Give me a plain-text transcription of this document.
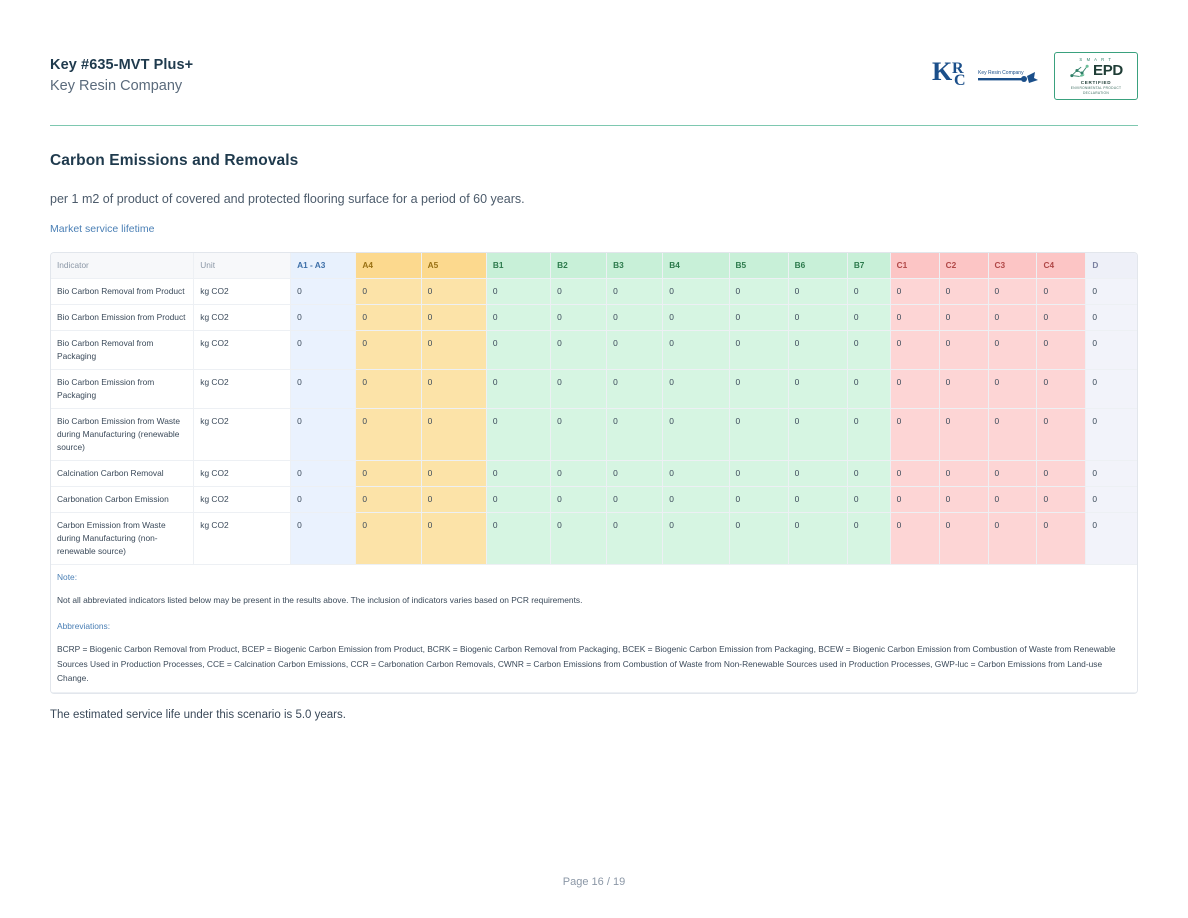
Key #635-MVT Plus+
Key Resin Company	K R
C Key Resin Company
S M A R T
EPD
CERTIFIED
ENVIRONMENTAL PRODUCT
DECLARATION
Carbon Emissions and Removals
per 1 m2 of product of covered and protected flooring surface for a period of 60 years.
Market service lifetime
Indicator	Unit	A1 - A3	A4	A5	B1	B2	B3	B4	B5	B6	B7	C1	C2	C3	C4	D
Bio Carbon Removal from Product	kg CO2	0	0	0	0	0	0	0	0	0	0	0	0	0	0	0
Bio Carbon Emission from Product	kg CO2	0	0	0	0	0	0	0	0	0	0	0	0	0	0	0
Bio Carbon Removal from Packaging	kg CO2	0	0	0	0	0	0	0	0	0	0	0	0	0	0	0
Bio Carbon Emission from Packaging	kg CO2	0	0	0	0	0	0	0	0	0	0	0	0	0	0	0
Bio Carbon Emission from Waste during Manufacturing (renewable source)	kg CO2	0	0	0	0	0	0	0	0	0	0	0	0	0	0	0
Calcination Carbon Removal	kg CO2	0	0	0	0	0	0	0	0	0	0	0	0	0	0	0
Carbonation Carbon Emission	kg CO2	0	0	0	0	0	0	0	0	0	0	0	0	0	0	0
Carbon Emission from Waste during Manufacturing (non-renewable source)	kg CO2	0	0	0	0	0	0	0	0	0	0	0	0	0	0	0

Note:
Not all abbreviated indicators listed below may be present in the results above. The inclusion of indicators varies based on PCR requirements.
Abbreviations:
BCRP = Biogenic Carbon Removal from Product, BCEP = Biogenic Carbon Emission from Product, BCRK = Biogenic Carbon Removal from Packaging, BCEK = Biogenic Carbon Emission from Packaging, BCEW = Biogenic Carbon Emission from Combustion of Waste from Renewable Sources Used in Production Processes, CCE = Calcination Carbon Emissions, CCR = Carbonation Carbon Removals, CWNR = Carbon Emissions from Combustion of Waste from Non-Renewable Sources used in Production Processes, GWP-luc = Carbon Emissions from Land-use Change.																
The estimated service life under this scenario is 5.0 years.
Page 16 / 19
